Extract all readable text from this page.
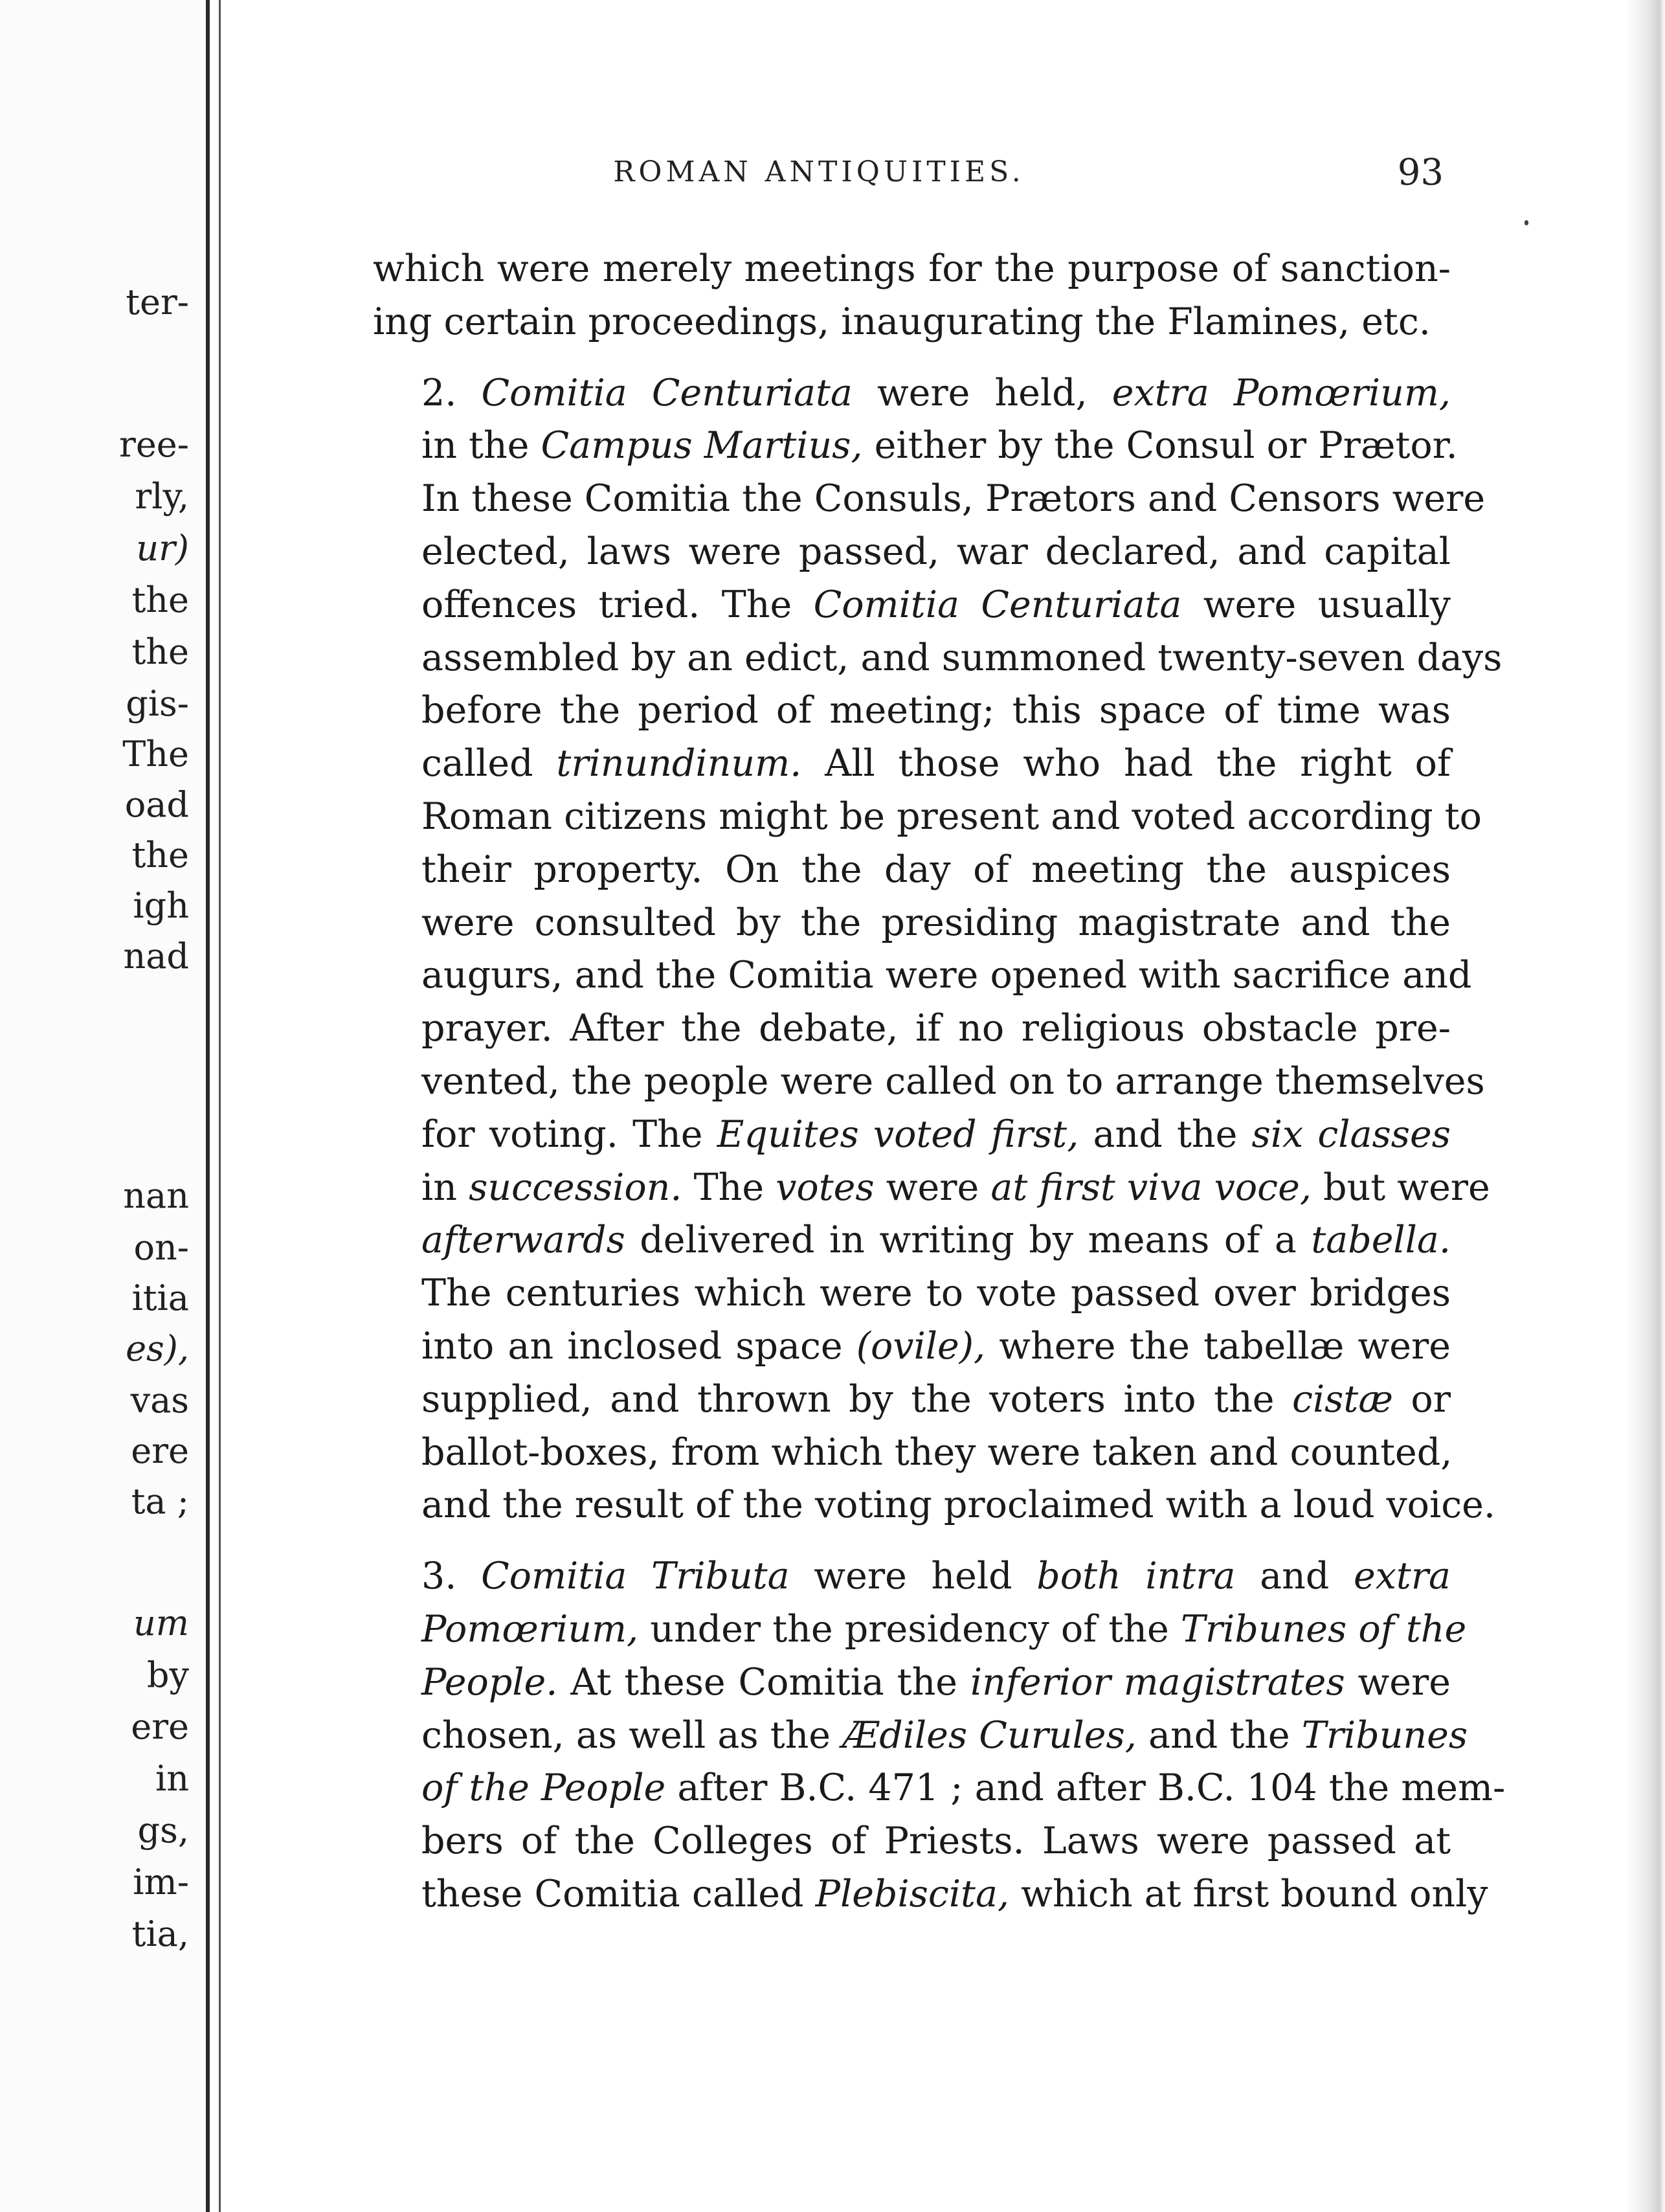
ter-
ree-
rly,
ur)
the
the
gis-
The
oad
the
igh
nad
nan
on-
itia
es),
vas
ere
ta ;
um
by
ere
in
gs,
im-
tia,
ROMAN ANTIQUITIES.	93

which were merely meetings for the purpose of sanction-
ing certain proceedings, inaugurating the Flamines, etc.

2. Comitia Centuriata were held, extra Pomœrium,
in the Campus Martius, either by the Consul or Prætor.
In these Comitia the Consuls, Prætors and Censors were
elected, laws were passed, war declared, and capital
offences tried. The Comitia Centuriata were usually
assembled by an edict, and summoned twenty-seven days
before the period of meeting; this space of time was
called trinundinum. All those who had the right of
Roman citizens might be present and voted according to
their property. On the day of meeting the auspices
were consulted by the presiding magistrate and the
augurs, and the Comitia were opened with sacrifice and
prayer. After the debate, if no religious obstacle pre-
vented, the people were called on to arrange themselves
for voting. The Equites voted first, and the six classes
in succession. The votes were at first viva voce, but were
afterwards delivered in writing by means of a tabella.
The centuries which were to vote passed over bridges
into an inclosed space (ovile), where the tabellæ were
supplied, and thrown by the voters into the cistæ or
ballot-boxes, from which they were taken and counted,
and the result of the voting proclaimed with a loud voice.

3. Comitia Tributa were held both intra and extra
Pomœrium, under the presidency of the Tribunes of the
People. At these Comitia the inferior magistrates were
chosen, as well as the Ædiles Curules, and the Tribunes
of the People after B.C. 471 ; and after B.C. 104 the mem-
bers of the Colleges of Priests. Laws were passed at
these Comitia called Plebiscita, which at first bound only
